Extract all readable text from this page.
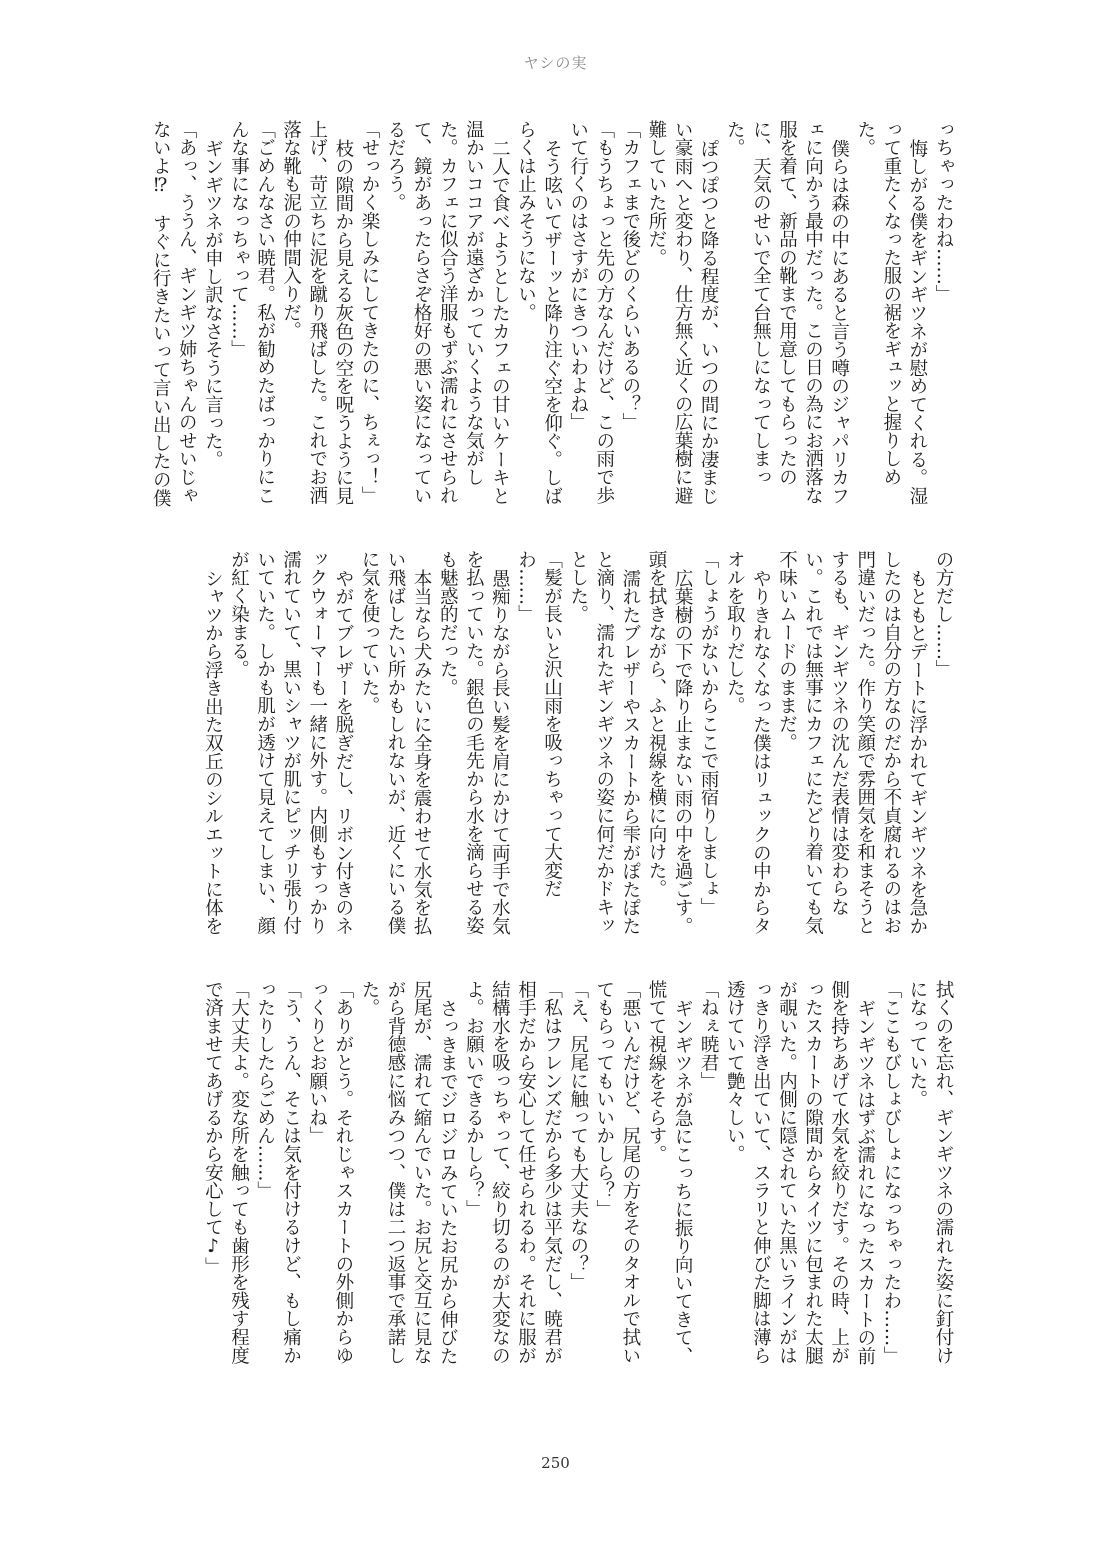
ヤシの実

っちゃったわね……」

悔しがる僕をギンギツネが慰めてくれる。湿って重たくなった服の裾をギュッと握りしめた。

僕らは森の中にあると言う噂のジャパリカフェに向かう最中だった。この日の為にお洒落な服を着て、新品の靴まで用意してもらったのに、天気のせいで全て台無しになってしまった。

ぽつぽつと降る程度が、いつの間にか凄まじい豪雨へと変わり、仕方無く近くの広葉樹に避難していた所だ。

「カフェまで後どのくらいあるの？」

「もうちょっと先の方なんだけど、この雨で歩いて行くのはさすがにきついわよね」

そう呟いてザーッと降り注ぐ空を仰ぐ。しばらくは止みそうにない。

二人で食べようとしたカフェの甘いケーキと温かいココアが遠ざかっていくような気がした。カフェに似合う洋服もずぶ濡れにさせられて、鏡があったらさぞ格好の悪い姿になっているだろう。

「せっかく楽しみにしてきたのに、ちぇっ！」

枝の隙間から見える灰色の空を呪うように見上げ、苛立ちに泥を蹴り飛ばした。これでお洒落な靴も泥の仲間入りだ。

「ごめんなさい暁君。私が勧めたばっかりにこんな事になっちゃって……」

ギンギツネが申し訳なさそうに言った。

「あっ、ううん、ギンギツ姉ちゃんのせいじゃないよ⁉　すぐに行きたいって言い出したの僕

の方だし……」

もともとデートに浮かれてギンギツネを急かしたのは自分の方なのだから不貞腐れるのはお門違いだった。作り笑顔で雰囲気を和まそうとするも、ギンギツネの沈んだ表情は変わらない。これでは無事にカフェにたどり着いても気不味いムードのままだ。

やりきれなくなった僕はリュックの中からタオルを取りだした。

「しょうがないからここで雨宿りしましょ」

広葉樹の下で降り止まない雨の中を過ごす。頭を拭きながら、ふと視線を横に向けた。

濡れたブレザーやスカートから雫がぽたぽたと滴り、濡れたギンギツネの姿に何だかドキッとした。

「髪が長いと沢山雨を吸っちゃって大変だわ……」

愚痴りながら長い髪を肩にかけて両手で水気を払っていた。銀色の毛先から水を滴らせる姿も魅惑的だった。

本当なら犬みたいに全身を震わせて水気を払い飛ばしたい所かもしれないが、近くにいる僕に気を使っていた。

やがてブレザーを脱ぎだし、リボン付きのネックウォーマーも一緒に外す。内側もすっかり濡れていて、黒いシャツが肌にピッチリ張り付いていた。しかも肌が透けて見えてしまい、顔が紅く染まる。

シャツから浮き出た双丘のシルエットに体を

拭くのを忘れ、ギンギツネの濡れた姿に釘付けになっていた。

「ここもびしょびしょになっちゃったわ……」

ギンギツネはずぶ濡れになったスカートの前側を持ちあげて水気を絞りだす。その時、上がったスカートの隙間からタイツに包まれた太腿が覗いた。内側に隠されていた黒いラインがはっきり浮き出ていて、スラリと伸びた脚は薄ら透けていて艶々しい。

「ねぇ暁君」

ギンギツネが急にこっちに振り向いてきて、慌てて視線をそらす。

「悪いんだけど、尻尾の方をそのタオルで拭いてもらってもいいかしら？」

「え、尻尾に触っても大丈夫なの？」

「私はフレンズだから多少は平気だし、暁君が相手だから安心して任せられるわ。それに服が結構水を吸っちゃって、絞り切るのが大変なのよ。お願いできるかしら？」

さっきまでジロジロみていたお尻から伸びた尻尾が、濡れて縮んでいた。お尻と交互に見ながら背徳感に悩みつつ、僕は二つ返事で承諾した。

「ありがとう。それじゃスカートの外側からゆっくりとお願いね」

「う、うん、そこは気を付けるけど、もし痛かったりしたらごめん……」

「大丈夫よ。変な所を触っても歯形を残す程度で済ませてあげるから安心して♪」

250
